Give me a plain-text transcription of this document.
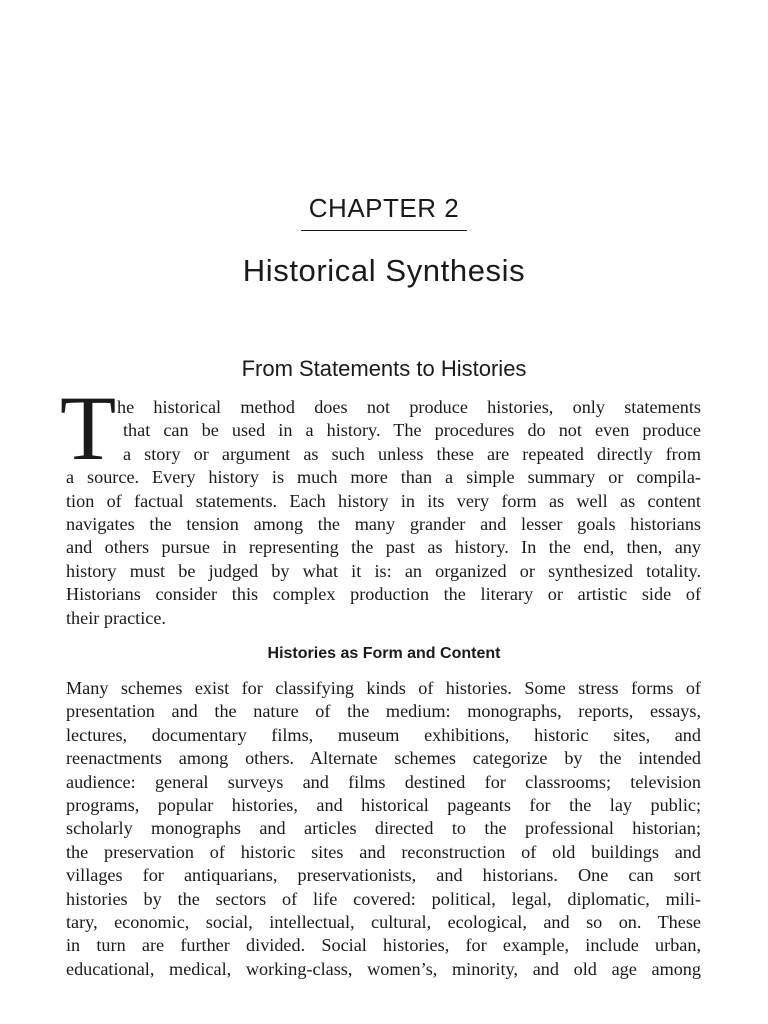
CHAPTER 2
Historical Synthesis
From Statements to Histories
T he historical method does not produce histories, only statements
that can be used in a history. The procedures do not even produce
a story or argument as such unless these are repeated directly from
a source. Every history is much more than a simple summary or compila-
tion of factual statements. Each history in its very form as well as content
navigates the tension among the many grander and lesser goals historians
and others pursue in representing the past as history. In the end, then, any
history must be judged by what it is: an organized or synthesized totality.
Historians consider this complex production the literary or artistic side of
their practice.
Histories as Form and Content
Many schemes exist for classifying kinds of histories. Some stress forms of
presentation and the nature of the medium: monographs, reports, essays,
lectures, documentary films, museum exhibitions, historic sites, and
reenactments among others. Alternate schemes categorize by the intended
audience: general surveys and films destined for classrooms; television
programs, popular histories, and historical pageants for the lay public;
scholarly monographs and articles directed to the professional historian;
the preservation of historic sites and reconstruction of old buildings and
villages for antiquarians, preservationists, and historians. One can sort
histories by the sectors of life covered: political, legal, diplomatic, mili-
tary, economic, social, intellectual, cultural, ecological, and so on. These
in turn are further divided. Social histories, for example, include urban,
educational, medical, working-class, women’s, minority, and old age among
